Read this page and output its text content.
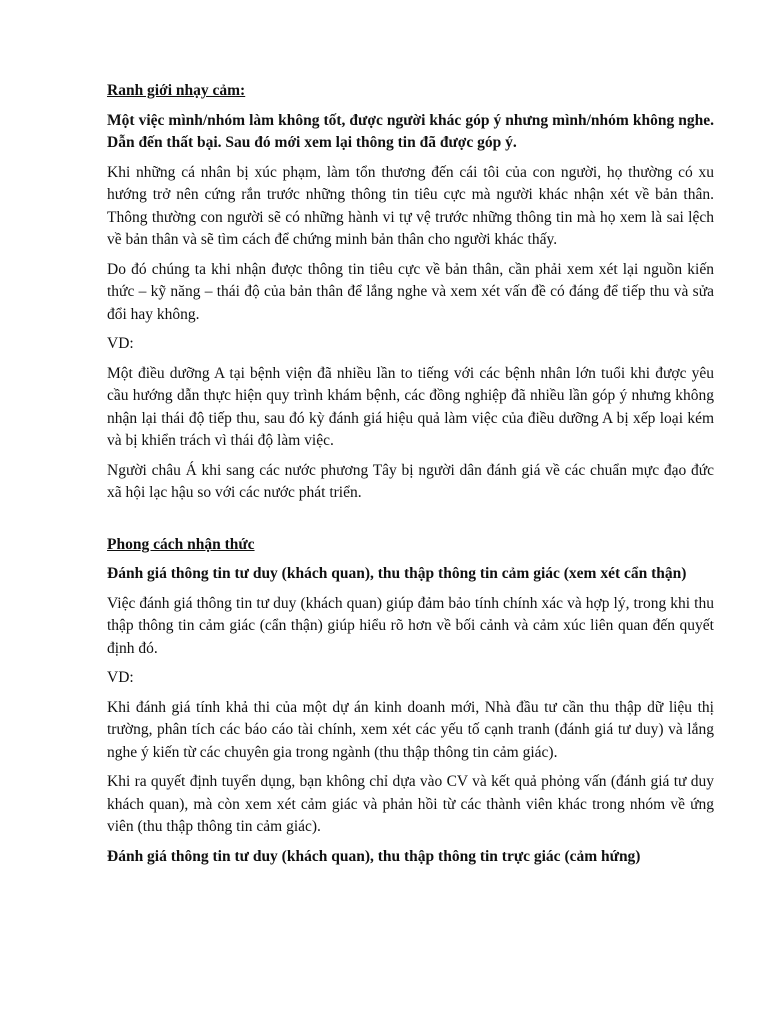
Ranh giới nhạy cảm:

Một việc mình/nhóm làm không tốt, được người khác góp ý nhưng mình/nhóm không nghe. Dẫn đến thất bại. Sau đó mới xem lại thông tin đã được góp ý.

Khi những cá nhân bị xúc phạm, làm tổn thương đến cái tôi của con người, họ thường có xu hướng trở nên cứng rắn trước những thông tin tiêu cực mà người khác nhận xét về bản thân. Thông thường con người sẽ có những hành vi tự vệ trước những thông tin mà họ xem là sai lệch về bản thân và sẽ tìm cách để chứng minh bản thân cho người khác thấy.

Do đó chúng ta khi nhận được thông tin tiêu cực về bản thân, cần phải xem xét lại nguồn kiến thức – kỹ năng – thái độ của bản thân để lắng nghe và xem xét vấn đề có đáng để tiếp thu và sửa đổi hay không.

VD:

Một điều dưỡng A tại bệnh viện đã nhiều lần to tiếng với các bệnh nhân lớn tuổi khi được yêu cầu hướng dẫn thực hiện quy trình khám bệnh, các đồng nghiệp đã nhiều lần góp ý nhưng không nhận lại thái độ tiếp thu, sau đó kỳ đánh giá hiệu quả làm việc của điều dưỡng A bị xếp loại kém và bị khiển trách vì thái độ làm việc.

Người châu Á khi sang các nước phương Tây bị người dân đánh giá về các chuẩn mực đạo đức xã hội lạc hậu so với các nước phát triển.

Phong cách nhận thức

Đánh giá thông tin tư duy (khách quan), thu thập thông tin cảm giác (xem xét cẩn thận)

Việc đánh giá thông tin tư duy (khách quan) giúp đảm bảo tính chính xác và hợp lý, trong khi thu thập thông tin cảm giác (cẩn thận) giúp hiểu rõ hơn về bối cảnh và cảm xúc liên quan đến quyết định đó.

VD:

Khi đánh giá tính khả thi của một dự án kinh doanh mới, Nhà đầu tư cần thu thập dữ liệu thị trường, phân tích các báo cáo tài chính, xem xét các yếu tố cạnh tranh (đánh giá tư duy) và lắng nghe ý kiến từ các chuyên gia trong ngành (thu thập thông tin cảm giác).

Khi ra quyết định tuyển dụng, bạn không chỉ dựa vào CV và kết quả phỏng vấn (đánh giá tư duy khách quan), mà còn xem xét cảm giác và phản hồi từ các thành viên khác trong nhóm về ứng viên (thu thập thông tin cảm giác).

Đánh giá thông tin tư duy (khách quan), thu thập thông tin trực giác (cảm hứng)
